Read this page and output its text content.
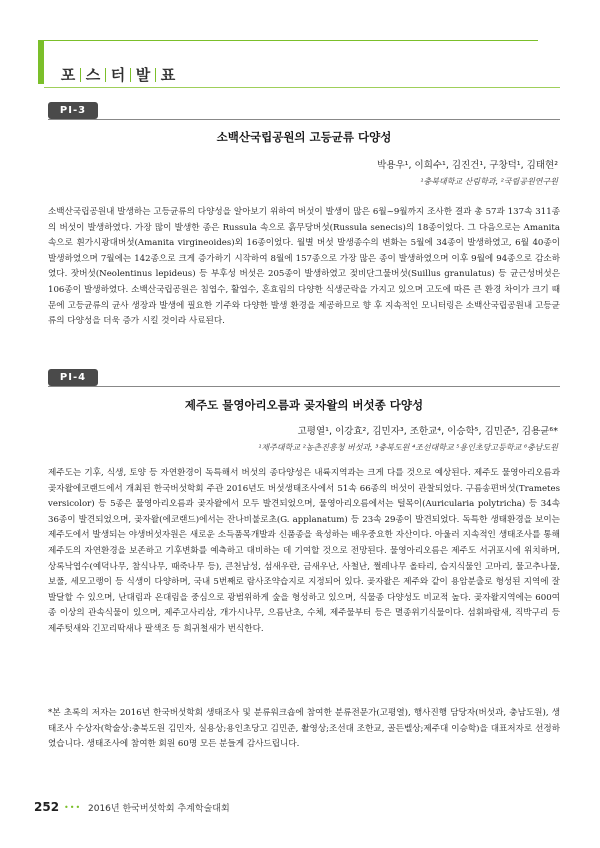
포 스 터 발 표
PI-3
소백산국립공원의 고등균류 다양성
박용우¹, 이희수¹, 김진건¹, 구창덕¹, 김태현²
¹충북대학교 산림학과, ²국립공원연구원

소백산국립공원내 발생하는 고등균류의 다양성을 알아보기 위하여 버섯이 발생이 많은 6월~9월까지 조사한 결과 총 57과 137속 311종의 버섯이 발생하였다. 가장 많이 발생한 종은 Russula 속으로 흙무당버섯(Russula senecis)의 18종이었다. 그 다음으로는 Amanita 속으로 흰가시광대버섯(Amanita virgineoides)외 16종이었다. 월별 버섯 발생종수의 변화는 5월에 34종이 발생하였고, 6월 40종이 발생하였으며 7월에는 142종으로 크게 증가하기 시작하여 8월에 157종으로 가장 많은 종이 발생하였으며 이후 9월에 94종으로 감소하였다. 잣버섯(Neolentinus lepideus) 등 부후성 버섯은 205종이 발생하였고 젖비단그물버섯(Suillus granulatus) 등 균근성버섯은 106종이 발생하였다. 소백산국립공원은 침엽수, 활엽수, 혼효림의 다양한 식생군락을 가지고 있으며 고도에 따른 큰 환경 차이가 크기 때문에 고등균류의 균사 생장과 발생에 필요한 기주와 다양한 발생 환경을 제공하므로 향 후 지속적인 모니터링은 소백산국립공원내 고등균류의 다양성을 더욱 증가 시킬 것이라 사료된다.

PI-4
제주도 물영아리오름과 곶자왈의 버섯종 다양성
고평열¹, 이강효², 김민자³, 조한교⁴, 이승학⁵, 김민준⁵, 김용균⁶*
¹제주대학교 ²농촌진흥청 버섯과, ³충북도원 ⁴조선대학교 ⁵용인초당고등학교 ⁶충남도원

제주도는 기후, 식생, 토양 등 자연환경이 독특해서 버섯의 종다양성은 내륙지역과는 크게 다를 것으로 예상된다. 제주도 물영아리오름과 곶자왈에코랜드에서 개최된 한국버섯학회 주관 2016년도 버섯생태조사에서 51속 66종의 버섯이 관찰되었다. 구름송편버섯(Trametes versicolor) 등 5종은 물영아리오름과 곶자왈에서 모두 발견되었으며, 물영아리오름에서는 털목이(Auricularia polytricha) 등 34속 36종이 발견되었으며, 곶자왈(에코랜드)에서는 잔나비불로초(G. applanatum) 등 23속 29종이 발견되었다. 독특한 생태환경을 보이는 제주도에서 발생되는 야생버섯자원은 새로운 소득품목개발과 신품종을 육성하는 배우중요한 자산이다. 아울러 지속적인 생태조사를 통해 제주도의 자연환경을 보존하고 기후변화를 예측하고 대비하는 데 기여할 것으로 전망된다. 물영아리오름은 제주도 서귀포시에 위치하며, 상록낙엽수(예덕나무, 참식나무, 때죽나무 등), 큰천남성, 섬새우란, 금새우난, 사철난, 쩔레나무 올타리, 습지식물인 고마리, 물고추나물, 보풀, 세모고랭이 등 식생이 다양하며, 국내 5번째로 람사조약습지로 지정되어 있다. 곶자왈은 제주와 같이 용암분출로 형성된 지역에 잘 발달할 수 있으며, 난대림과 온대림을 중심으로 광범위하게 숲을 형성하고 있으며, 식물종 다양성도 비교적 높다. 곶자왈지역에는 600여종 이상의 관속식물이 있으며, 제주고사리삼, 개가시나무, 으름난초, 수체, 제주물부터 등은 멸종위기식물이다. 섬휘파람새, 직박구리 등 제주텃새와 긴꼬리딱새나 팔색조 등 희귀철새가 번식한다.

*본 초록의 저자는 2016년 한국버섯학회 생태조사 및 분류워크숍에 참여한 분류전문가(고평열), 행사진행 담당자(버섯과, 충남도원), 생태조사 수상자(학술상:충북도원 김민자, 실용상;용인초당고 김민준, 촬영상;조선대 조한교, 골든벨상;제주대 이승학)을 대표저자로 선정하였습니다. 생태조사에 참여한 회원 60명 모든 분들게 감사드립니다.

252 ••• 2016년 한국버섯학회 추계학술대회
